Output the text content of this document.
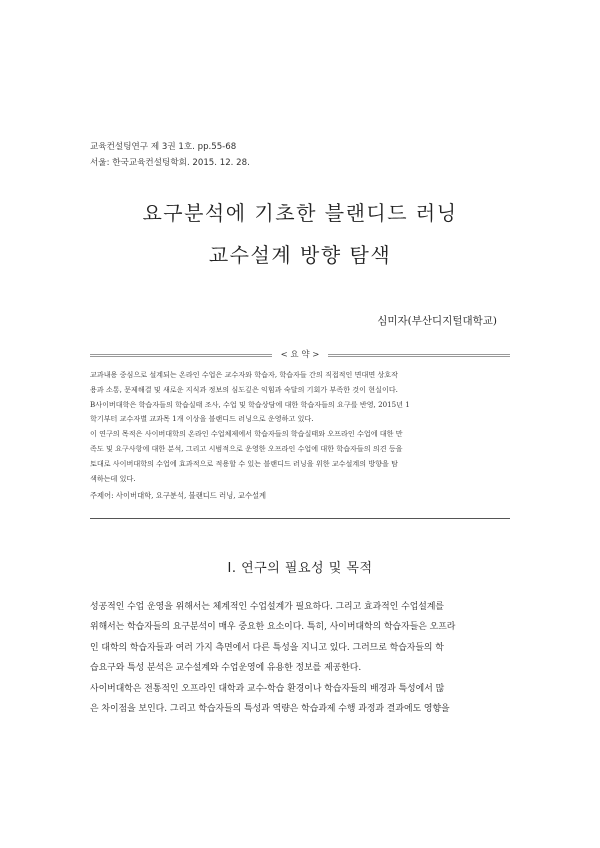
교육컨설팅연구 제 3권 1호. pp.55-68
서울: 한국교육컨설팅학회. 2015. 12. 28.
요구분석에 기초한 블랜디드 러닝
교수설계 방향 탐색
심미자(부산디지털대학교)
< 요 약 >
교과내용 중심으로 설계되는 온라인 수업은 교수자와 학습자, 학습자들 간의 직접적인 면대면 상호작
용과 소통, 문제해결 및 새로운 지식과 정보의 심도깊은 익힘과 숙달의 기회가 부족한 것이 현실이다.
B사이버대학은 학습자들의 학습실태 조사, 수업 및 학습상담에 대한 학습자들의 요구를 반영, 2015년 1
학기부터 교수자별 교과목 1개 이상을 블랜디드 러닝으로 운영하고 있다.
이 연구의 목적은 사이버대학의 온라인 수업체제에서 학습자들의 학습실태와 오프라인 수업에 대한 만
족도 및 요구사항에 대한 분석, 그리고 시범적으로 운영한 오프라인 수업에 대한 학습자들의 의견 등을
토대로 사이버대학의 수업에 효과적으로 적용할 수 있는 블랜디드 러닝을 위한 교수설계의 방향을 탐
색하는데 있다.
주제어: 사이버대학, 요구분석, 블랜디드 러닝, 교수설계
Ⅰ. 연구의 필요성 및 목적
성공적인 수업 운영을 위해서는 체계적인 수업설계가 필요하다. 그리고 효과적인 수업설계를
위해서는 학습자들의 요구분석이 매우 중요한 요소이다. 특히, 사이버대학의 학습자들은 오프라
인 대학의 학습자들과 여러 가지 측면에서 다른 특성을 지니고 있다. 그러므로 학습자들의 학
습요구와 특성 분석은 교수설계와 수업운영에 유용한 정보를 제공한다.
사이버대학은 전통적인 오프라인 대학과 교수-학습 환경이나 학습자들의 배경과 특성에서 많
은 차이점을 보인다. 그리고 학습자들의 특성과 역량은 학습과제 수행 과정과 결과에도 영향을
